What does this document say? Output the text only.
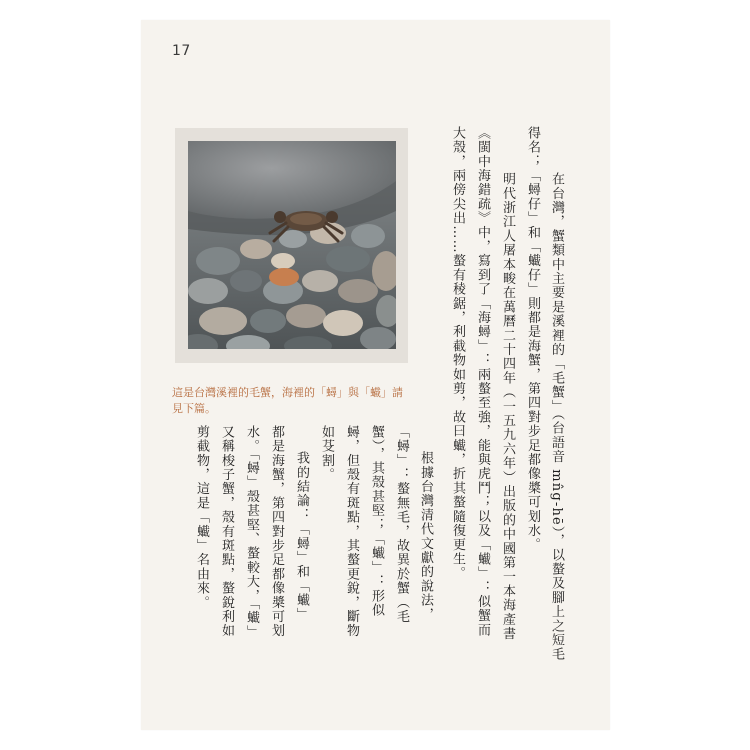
17
這是台灣溪裡的毛蟹，海裡的「蟳」與「蠘」請見下篇。	　在台灣，蟹類中主要是溪裡的「毛蟹」（台語音 mn̂g-hē），以螯及腳上之短毛
得名；「蟳仔」和「蠘仔」則都是海蟹，第四對步足都像槳可划水。
　明代浙江人屠本畯在萬曆二十四年（一五九六年）出版的中國第一本海產書
《閩中海錯疏》中，寫到了「海蟳」：兩螯至強，能與虎鬥；以及「蠘」：似蟹而
大殼，兩傍尖出……螯有稜鋸，利截物如剪，故曰蠘，折其螯隨復更生。
　根據台灣清代文獻的說法，
「蟳」：螯無毛，故異於蟹（毛
蟹），其殼甚堅；「蠘」：形似
蟳，但殼有斑點，其螯更銳，斷物
如芟割。
　我的結論：「蟳」和「蠘」
都是海蟹，第四對步足都像槳可划
水。「蟳」殼甚堅、螯較大，「蠘」
又稱梭子蟹，殼有斑點，螯銳利如
剪截物，這是「蠘」名由來。
